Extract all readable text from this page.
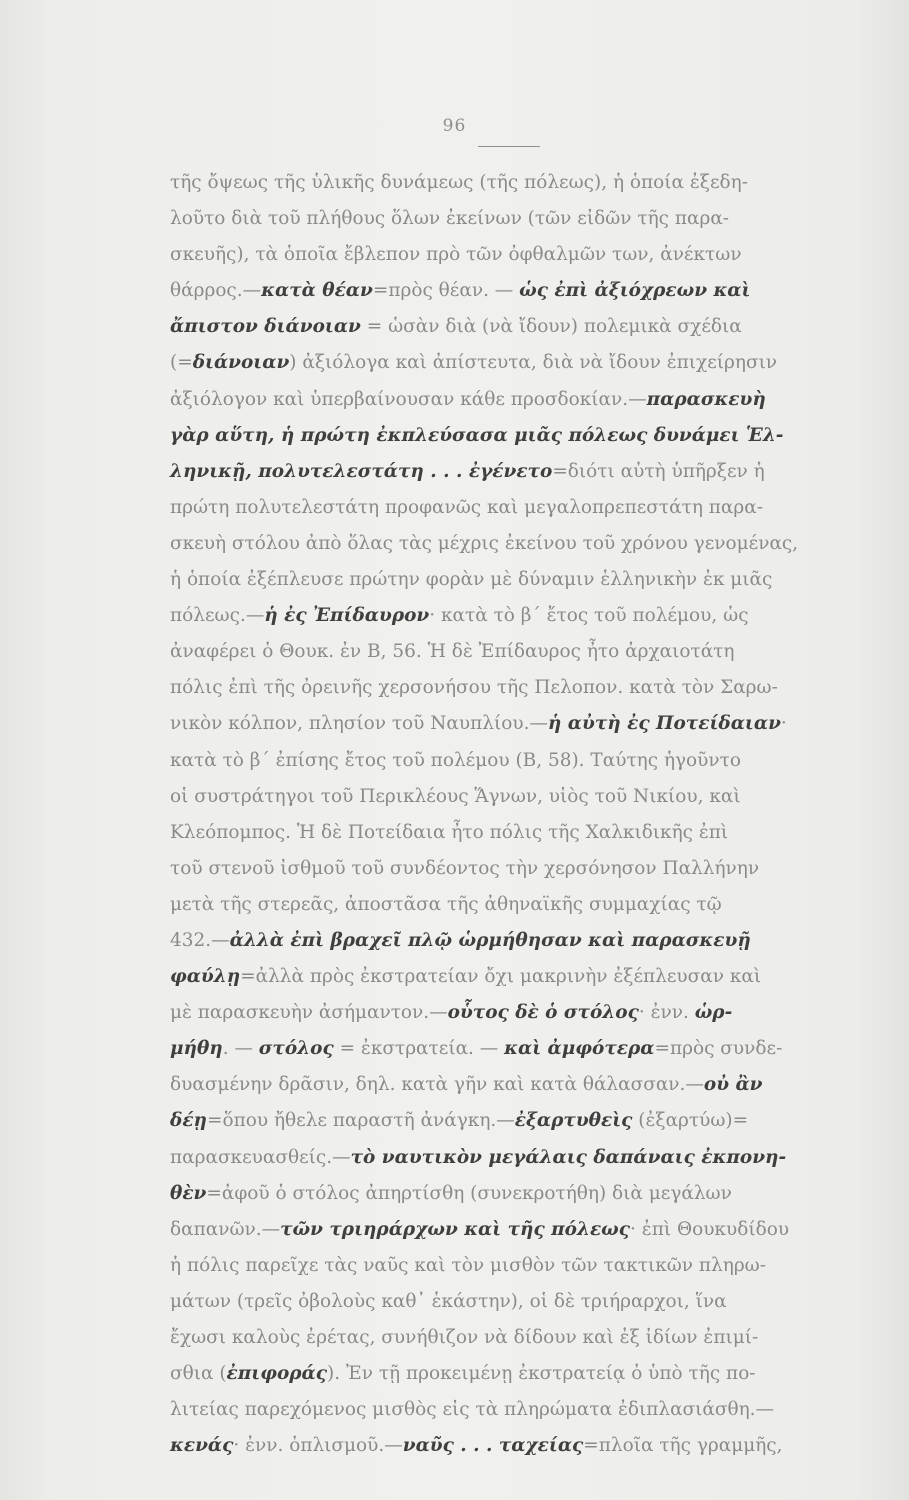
96
τῆς ὄψεως τῆς ὑλικῆς δυνάμεως (τῆς πόλεως), ἡ ὁποία ἐξεδη-
λοῦτο διὰ τοῦ πλήθους ὅλων ἐκείνων (τῶν εἰδῶν τῆς παρα-
σκευῆς), τὰ ὁποῖα ἔβλεπον πρὸ τῶν ὀφθαλμῶν των, ἀνέκτων
θάρρος.—κατὰ θέαν=πρὸς θέαν. — ὡς ἐπὶ ἀξιόχρεων καὶ
ἄπιστον διάνοιαν = ὡσὰν διὰ (νὰ ἴδουν) πολεμικὰ σχέδια
(=διάνοιαν) ἀξιόλογα καὶ ἀπίστευτα, διὰ νὰ ἴδουν ἐπιχείρησιν
ἀξιόλογον καὶ ὑπερβαίνουσαν κάθε προσδοκίαν.—παρασκευὴ
γὰρ αὕτη, ἡ πρώτη ἐκπλεύσασα μιᾶς πόλεως δυνάμει Ἑλ-
ληνικῇ, πολυτελεστάτη . . . ἐγένετο=διότι αὐτὴ ὑπῆρξεν ἡ
πρώτη πολυτελεστάτη προφανῶς καὶ μεγαλοπρεπεστάτη παρα-
σκευὴ στόλου ἀπὸ ὅλας τὰς μέχρις ἐκείνου τοῦ χρόνου γενομένας,
ἡ ὁποία ἐξέπλευσε πρώτην φορὰν μὲ δύναμιν ἑλληνικὴν ἐκ μιᾶς
πόλεως.—ἡ ἐς Ἐπίδαυρον· κατὰ τὸ β΄ ἔτος τοῦ πολέμου, ὡς
ἀναφέρει ὁ Θουκ. ἐν Β, 56. Ἡ δὲ Ἐπίδαυρος ἦτο ἀρχαιοτάτη
πόλις ἐπὶ τῆς ὀρεινῆς χερσονήσου τῆς Πελοπον. κατὰ τὸν Σαρω-
νικὸν κόλπον, πλησίον τοῦ Ναυπλίου.—ἡ αὐτὴ ἐς Ποτείδαιαν·
κατὰ τὸ β΄ ἐπίσης ἔτος τοῦ πολέμου (Β, 58). Ταύτης ἡγοῦντο
οἱ συστράτηγοι τοῦ Περικλέους Ἅγνων, υἱὸς τοῦ Νικίου, καὶ
Κλεόπομπος. Ἡ δὲ Ποτείδαια ἦτο πόλις τῆς Χαλκιδικῆς ἐπὶ
τοῦ στενοῦ ἰσθμοῦ τοῦ συνδέοντος τὴν χερσόνησον Παλλήνην
μετὰ τῆς στερεᾶς, ἀποστᾶσα τῆς ἀθηναϊκῆς συμμαχίας τῷ
432.—ἀλλὰ ἐπὶ βραχεῖ πλῷ ὡρμήθησαν καὶ παρασκευῇ
φαύλῃ=ἀλλὰ πρὸς ἐκστρατείαν ὄχι μακρινὴν ἐξέπλευσαν καὶ
μὲ παρασκευὴν ἀσήμαντον.—οὗτος δὲ ὁ στόλος· ἐνν. ὡρ-
μήθη. — στόλος = ἐκστρατεία. — καὶ ἀμφότερα=πρὸς συνδε-
δυασμένην δρᾶσιν, δηλ. κατὰ γῆν καὶ κατὰ θάλασσαν.—οὐ ἂν
δέῃ=ὅπου ἤθελε παραστῆ ἀνάγκη.—ἐξαρτυθεὶς (ἐξαρτύω)=
παρασκευασθείς.—τὸ ναυτικὸν μεγάλαις δαπάναις ἐκπονη-
θὲν=ἀφοῦ ὁ στόλος ἀπηρτίσθη (συνεκροτήθη) διὰ μεγάλων
δαπανῶν.—τῶν τριηράρχων καὶ τῆς πόλεως· ἐπὶ Θουκυδίδου
ἡ πόλις παρεῖχε τὰς ναῦς καὶ τὸν μισθὸν τῶν τακτικῶν πληρω-
μάτων (τρεῖς ὀβολοὺς καθ᾽ ἑκάστην), οἱ δὲ τριήραρχοι, ἵνα
ἔχωσι καλοὺς ἐρέτας, συνήθιζον νὰ δίδουν καὶ ἐξ ἰδίων ἐπιμί-
σθια (ἐπιφοράς). Ἐν τῇ προκειμένῃ ἐκστρατείᾳ ὁ ὑπὸ τῆς πο-
λιτείας παρεχόμενος μισθὸς εἰς τὰ πληρώματα ἐδιπλασιάσθη.—
κενάς· ἐνν. ὁπλισμοῦ.—ναῦς . . . ταχείας=πλοῖα τῆς γραμμῆς,
